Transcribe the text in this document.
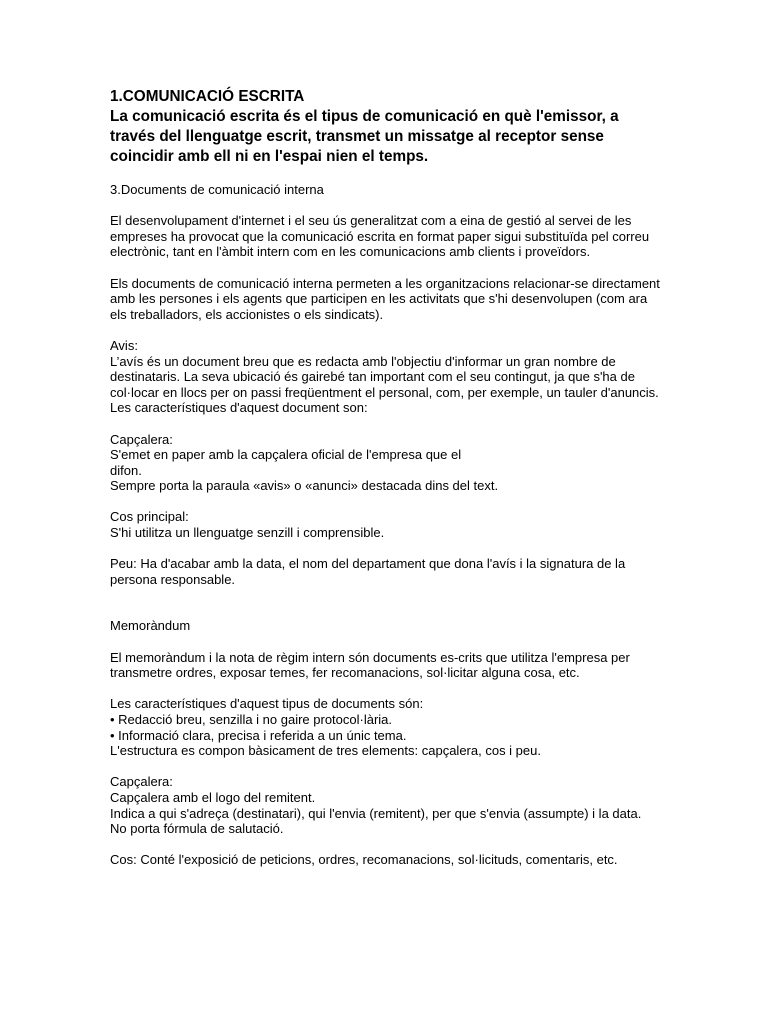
1.COMUNICACIÓ ESCRITA

La comunicació escrita és el tipus de comunicació en què l'emissor, a través del llenguatge escrit, transmet un missatge al receptor sense coincidir amb ell ni en l'espai nien el temps.

3.Documents de comunicació interna

El desenvolupament d'internet i el seu ús generalitzat com a eina de gestió al servei de les empreses ha provocat que la comunicació escrita en format paper sigui substituïda pel correu electrònic, tant en l'àmbit intern com en les comunicacions amb clients i proveïdors.

Els documents de comunicació interna permeten a les organitzacions relacionar-se directament amb les persones i els agents que participen en les activitats que s'hi desenvolupen (com ara els treballadors, els accionistes o els sindicats).

Avis:

L’avís és un document breu que es redacta amb l'objectiu d'informar un gran nombre de destinataris. La seva ubicació és gairebé tan important com el seu contingut, ja que s'ha de col·locar en llocs per on passi freqüentment el personal, com, per exemple, un tauler d'anuncis. Les característiques d'aquest document son:

Capçalera:

S'emet en paper amb la capçalera oficial de l'empresa que el

difon.

Sempre porta la paraula «avis» o «anunci» destacada dins del text.

Cos principal:

S'hi utilitza un llenguatge senzill i comprensible.

Peu: Ha d'acabar amb la data, el nom del departament que dona l'avís i la signatura de la persona responsable.

Memoràndum

El memoràndum i la nota de règim intern són documents es-crits que utilitza l'empresa per transmetre ordres, exposar temes, fer recomanacions, sol·licitar alguna cosa, etc.

Les característiques d'aquest tipus de documents són:

• Redacció breu, senzilla i no gaire protocol·lària.

• Informació clara, precisa i referida a un únic tema.

L'estructura es compon bàsicament de tres elements: capçalera, cos i peu.

Capçalera:

Capçalera amb el logo del remitent.

Indica a qui s'adreça (destinatari), qui l'envia (remitent), per que s'envia (assumpte) i la data. No porta fórmula de salutació.

Cos: Conté l'exposició de peticions, ordres, recomanacions, sol·licituds, comentaris, etc.
